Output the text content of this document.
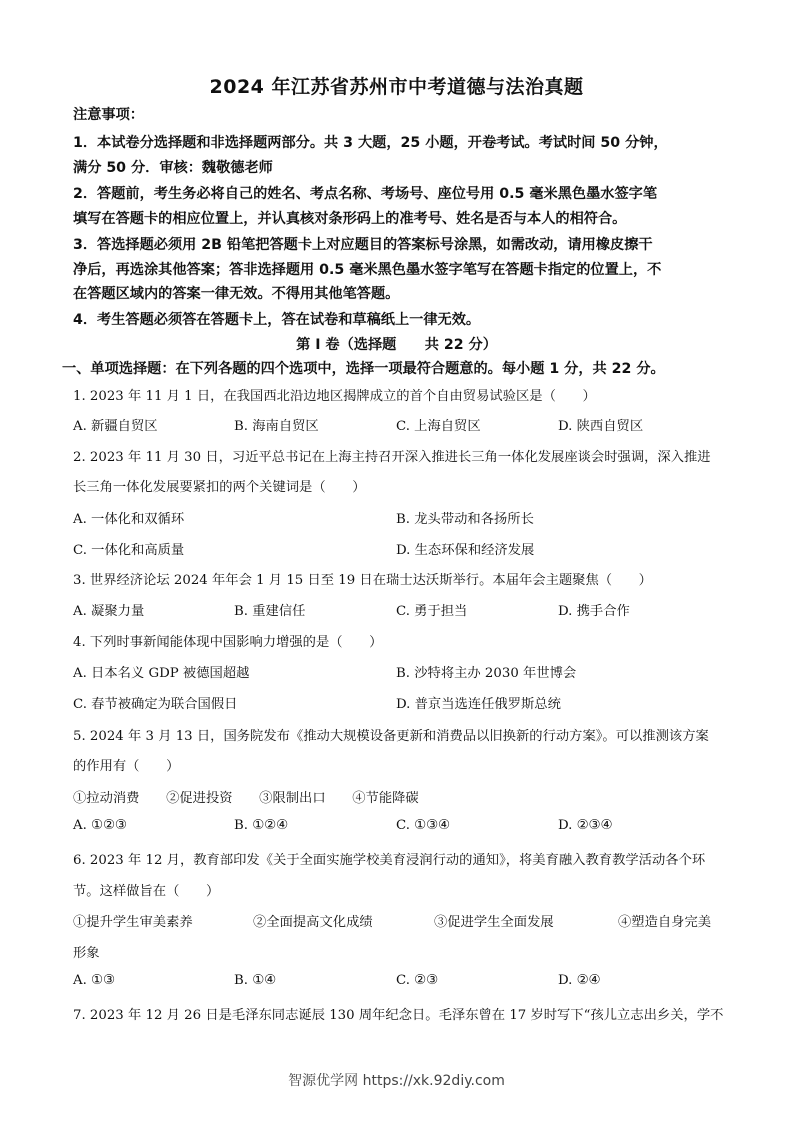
2024 年江苏省苏州市中考道德与法治真题
注意事项：
1．本试卷分选择题和非选择题两部分。共 3 大题，25 小题，开卷考试。考试时间 50 分钟，
满分 50 分．审核：魏敬德老师
2．答题前，考生务必将自己的姓名、考点名称、考场号、座位号用 0.5 毫米黑色墨水签字笔
填写在答题卡的相应位置上，并认真核对条形码上的准考号、姓名是否与本人的相符合。
3．答选择题必须用 2B 铅笔把答题卡上对应题目的答案标号涂黑，如需改动，请用橡皮擦干
净后，再选涂其他答案；答非选择题用 0.5 毫米黑色墨水签字笔写在答题卡指定的位置上，不
在答题区域内的答案一律无效。不得用其他笔答题。
4．考生答题必须答在答题卡上，答在试卷和草稿纸上一律无效。
第 I 卷（选择题　　共 22 分）
一、单项选择题：在下列各题的四个选项中，选择一项最符合题意的。每小题 1 分，共 22 分。
1. 2023 年 11 月 1 日，在我国西北沿边地区揭牌成立的首个自由贸易试验区是（　　）
A. 新疆自贸区	B. 海南自贸区	C. 上海自贸区	D. 陕西自贸区
2. 2023 年 11 月 30 日，习近平总书记在上海主持召开深入推进长三角一体化发展座谈会时强调，深入推进
长三角一体化发展要紧扣的两个关键词是（　　）
A. 一体化和双循环	B. 龙头带动和各扬所长
C. 一体化和高质量	D. 生态环保和经济发展
3. 世界经济论坛 2024 年年会 1 月 15 日至 19 日在瑞士达沃斯举行。本届年会主题聚焦（　　）
A. 凝聚力量	B. 重建信任	C. 勇于担当	D. 携手合作
4. 下列时事新闻能体现中国影响力增强的是（　　）
A. 日本名义 GDP 被德国超越	B. 沙特将主办 2030 年世博会
C. 春节被确定为联合国假日	D. 普京当选连任俄罗斯总统
5. 2024 年 3 月 13 日，国务院发布《推动大规模设备更新和消费品以旧换新的行动方案》。可以推测该方案
的作用有（　　）
①拉动消费　　②促进投资　　③限制出口　　④节能降碳
A. ①②③	B. ①②④	C. ①③④	D. ②③④
6. 2023 年 12 月，教育部印发《关于全面实施学校美育浸润行动的通知》，将美育融入教育教学活动各个环
节。这样做旨在（　　）
①提升学生审美素养	②全面提高文化成绩	③促进学生全面发展	④塑造自身完美
形象
A. ①③	B. ①④	C. ②③	D. ②④
7. 2023 年 12 月 26 日是毛泽东同志诞辰 130 周年纪念日。毛泽东曾在 17 岁时写下“孩儿立志出乡关，学不
智源优学网 https://xk.92diy.com
